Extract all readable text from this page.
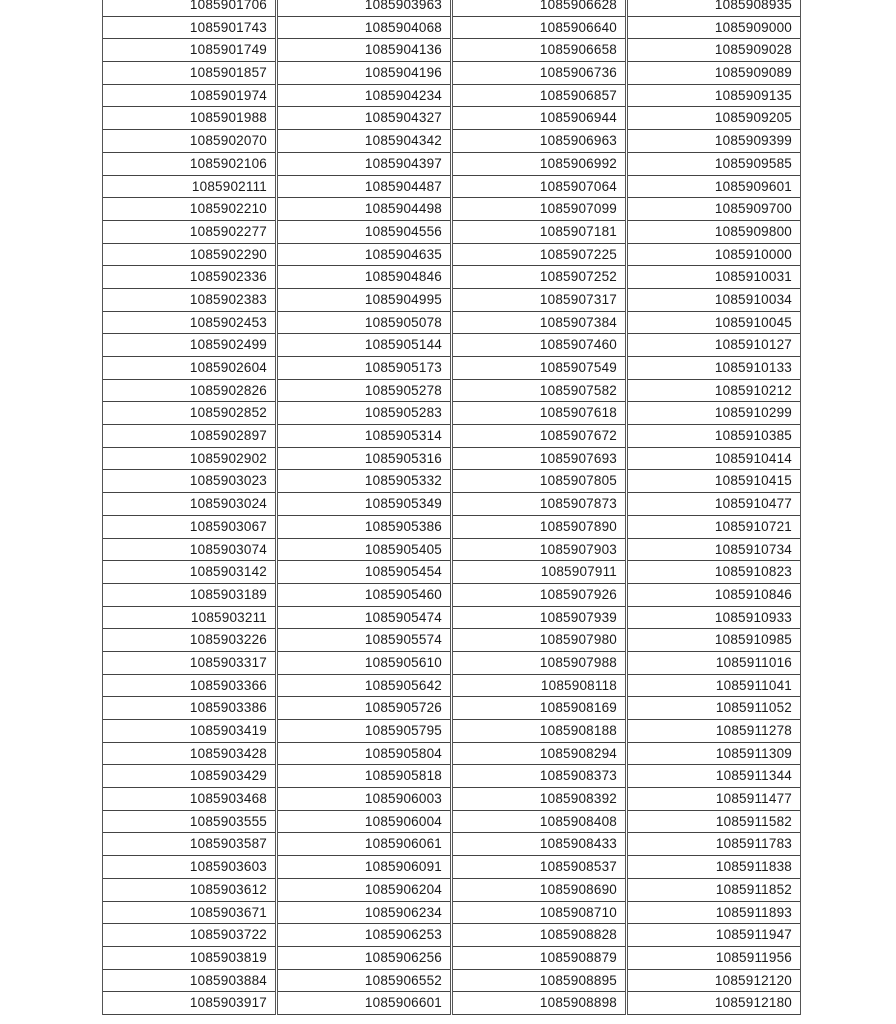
1085901706
1085901743
1085901749
1085901857
1085901974
1085901988
1085902070
1085902106
1085902111
1085902210
1085902277
1085902290
1085902336
1085902383
1085902453
1085902499
1085902604
1085902826
1085902852
1085902897
1085902902
1085903023
1085903024
1085903067
1085903074
1085903142
1085903189
1085903211
1085903226
1085903317
1085903366
1085903386
1085903419
1085903428
1085903429
1085903468
1085903555
1085903587
1085903603
1085903612
1085903671
1085903722
1085903819
1085903884
1085903917
1085903963
1085904068
1085904136
1085904196
1085904234
1085904327
1085904342
1085904397
1085904487
1085904498
1085904556
1085904635
1085904846
1085904995
1085905078
1085905144
1085905173
1085905278
1085905283
1085905314
1085905316
1085905332
1085905349
1085905386
1085905405
1085905454
1085905460
1085905474
1085905574
1085905610
1085905642
1085905726
1085905795
1085905804
1085905818
1085906003
1085906004
1085906061
1085906091
1085906204
1085906234
1085906253
1085906256
1085906552
1085906601
1085906628
1085906640
1085906658
1085906736
1085906857
1085906944
1085906963
1085906992
1085907064
1085907099
1085907181
1085907225
1085907252
1085907317
1085907384
1085907460
1085907549
1085907582
1085907618
1085907672
1085907693
1085907805
1085907873
1085907890
1085907903
1085907911
1085907926
1085907939
1085907980
1085907988
1085908118
1085908169
1085908188
1085908294
1085908373
1085908392
1085908408
1085908433
1085908537
1085908690
1085908710
1085908828
1085908879
1085908895
1085908898
1085908935
1085909000
1085909028
1085909089
1085909135
1085909205
1085909399
1085909585
1085909601
1085909700
1085909800
1085910000
1085910031
1085910034
1085910045
1085910127
1085910133
1085910212
1085910299
1085910385
1085910414
1085910415
1085910477
1085910721
1085910734
1085910823
1085910846
1085910933
1085910985
1085911016
1085911041
1085911052
1085911278
1085911309
1085911344
1085911477
1085911582
1085911783
1085911838
1085911852
1085911893
1085911947
1085911956
1085912120
1085912180
